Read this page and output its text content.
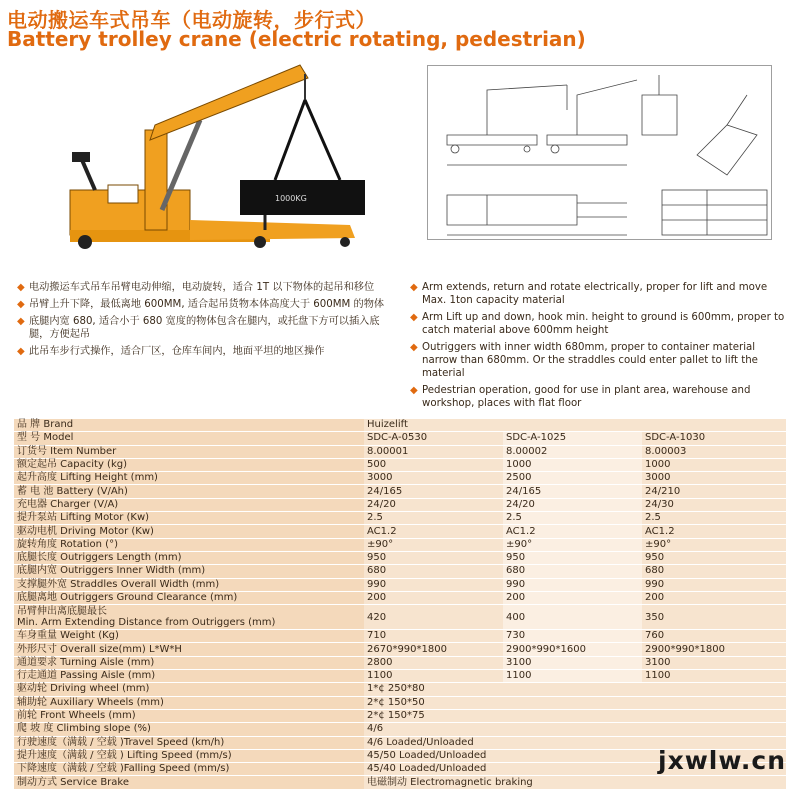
电动搬运车式吊车（电动旋转，步行式）
Battery trolley crane (electric rotating, pedestrian)
1000KG
◆ 电动搬运车式吊车吊臂电动伸缩，电动旋转，适合 1T 以下物体的起吊和移位
◆ 吊臂上升下降，最低离地 600MM, 适合起吊货物本体高度大于 600MM 的物体
◆ 底腿内宽 680, 适合小于 680 宽度的物体包含在腿内，或托盘下方可以插入底腿，方便起吊
◆ 此吊车步行式操作，适合厂区，仓库车间内，地面平坦的地区操作
◆ Arm extends, return and rotate electrically, proper for lift and move Max. 1ton capacity material
◆ Arm Lift up and down, hook min. height to ground is 600mm, proper to catch material above 600mm height
◆ Outriggers with inner width 680mm, proper to container material narrow than 680mm. Or the straddles could enter pallet to lift the material
◆ Pedestrian operation, good for use in plant area, warehouse and workshop, places with flat floor
品 牌 Brand	Huizelift		
型 号 Model	SDC-A-0530	SDC-A-1025	SDC-A-1030
订货号 Item Number	8.00001	8.00002	8.00003
额定起吊 Capacity (kg)	500	1000	1000
起升高度 Lifting Height (mm)	3000	2500	3000
蓄 电 池 Battery (V/Ah)	24/165	24/165	24/210
充电器 Charger (V/A)	24/20	24/20	24/30
提升泵站 Lifting Motor (Kw)	2.5	2.5	2.5
驱动电机 Driving Motor (Kw)	AC1.2	AC1.2	AC1.2
旋转角度 Rotation (°)	±90°	±90°	±90°
底腿长度 Outriggers Length (mm)	950	950	950
底腿内宽 Outriggers Inner Width (mm)	680	680	680
支撑腿外宽 Straddles Overall Width (mm)	990	990	990
底腿离地 Outriggers Ground Clearance (mm)	200	200	200

吊臂伸出离底腿最长
Min. Arm Extending Distance from Outriggers (mm)	420	400	350
车身重量 Weight (Kg)	710	730	760
外形尺寸 Overall size(mm) L*W*H	2670*990*1800	2900*990*1600	2900*990*1800
通道要求 Turning Aisle (mm)	2800	3100	3100
行走通道 Passing Aisle (mm)	1100	1100	1100
驱动轮 Driving wheel (mm)	1*¢ 250*80		
辅助轮 Auxiliary Wheels (mm)	2*¢ 150*50		
前轮 Front Wheels (mm)	2*¢ 150*75		
爬 坡 度 Climbing slope (%)	4/6		
行驶速度（满载 / 空载 )Travel Speed (km/h)	4/6 Loaded/Unloaded		
提升速度（满载 / 空载 ) Lifting Speed (mm/s)	45/50 Loaded/Unloaded		
下降速度（满载 / 空载 )Falling Speed (mm/s)	45/40 Loaded/Unloaded		
制动方式 Service Brake	电磁制动 Electromagnetic braking		
jxwlw.cn
